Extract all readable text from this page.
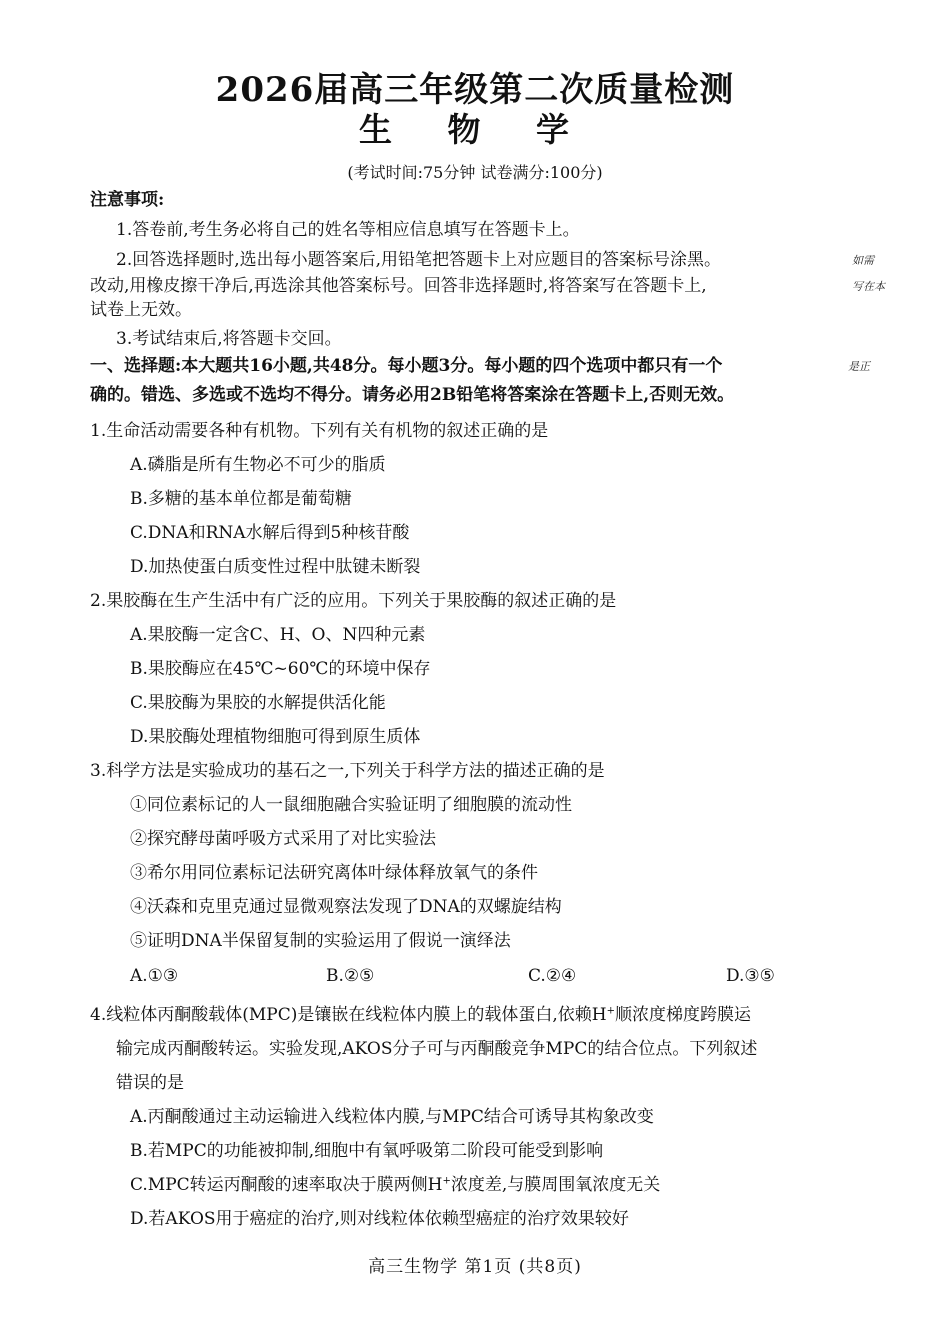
2026届高三年级第二次质量检测
生 物 学
(考试时间:75分钟 试卷满分:100分)
注意事项:
1.答卷前,考生务必将自己的姓名等相应信息填写在答题卡上。
2.回答选择题时,选出每小题答案后,用铅笔把答题卡上对应题目的答案标号涂黑。	如需
改动,用橡皮擦干净后,再选涂其他答案标号。回答非选择题时,将答案写在答题卡上,	写在本
试卷上无效。
3.考试结束后,将答题卡交回。
一、选择题:本大题共16小题,共48分。每小题3分。每小题的四个选项中都只有一个	是正
确的。错选、多选或不选均不得分。请务必用2B铅笔将答案涂在答题卡上,否则无效。
1.生命活动需要各种有机物。下列有关有机物的叙述正确的是
A.磷脂是所有生物必不可少的脂质
B.多糖的基本单位都是葡萄糖
C.DNA和RNA水解后得到5种核苷酸
D.加热使蛋白质变性过程中肽键未断裂
2.果胶酶在生产生活中有广泛的应用。下列关于果胶酶的叙述正确的是
A.果胶酶一定含C、H、O、N四种元素
B.果胶酶应在45℃~60℃的环境中保存
C.果胶酶为果胶的水解提供活化能
D.果胶酶处理植物细胞可得到原生质体
3.科学方法是实验成功的基石之一,下列关于科学方法的描述正确的是
①同位素标记的人一鼠细胞融合实验证明了细胞膜的流动性
②探究酵母菌呼吸方式采用了对比实验法
③希尔用同位素标记法研究离体叶绿体释放氧气的条件
④沃森和克里克通过显微观察法发现了DNA的双螺旋结构
⑤证明DNA半保留复制的实验运用了假说一演绎法
A.①③	B.②⑤	C.②④	D.③⑤
4.线粒体丙酮酸载体(MPC)是镶嵌在线粒体内膜上的载体蛋白,依赖H+顺浓度梯度跨膜运
输完成丙酮酸转运。实验发现,AKOS分子可与丙酮酸竞争MPC的结合位点。下列叙述
错误的是
A.丙酮酸通过主动运输进入线粒体内膜,与MPC结合可诱导其构象改变
B.若MPC的功能被抑制,细胞中有氧呼吸第二阶段可能受到影响
C.MPC转运丙酮酸的速率取决于膜两侧H+浓度差,与膜周围氧浓度无关
D.若AKOS用于癌症的治疗,则对线粒体依赖型癌症的治疗效果较好
高三生物学 第1页 (共8页)
